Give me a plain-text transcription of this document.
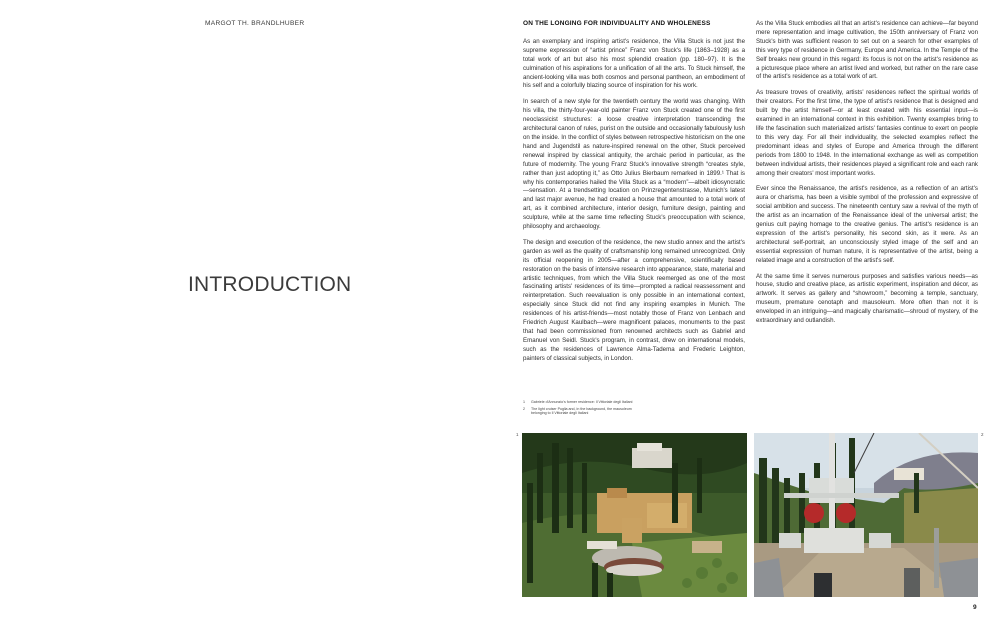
MARGOT TH. BRANDLHUBER
INTRODUCTION
ON THE LONGING FOR INDIVIDUALITY AND WHOLENESS

As an exemplary and inspiring artist's residence, the Villa Stuck is not just the supreme expression of “artist prince” Franz von Stuck's life (1863–1928) as a total work of art but also his most splendid creation (pp. 180–97). It is the culmination of his aspirations for a unification of all the arts. To Stuck himself, the ancient-looking villa was both cosmos and personal pantheon, an embodiment of his self and a colorfully blazing source of inspiration for his work.

In search of a new style for the twentieth century the world was changing. With his villa, the thirty-four-year-old painter Franz von Stuck created one of the first neoclassicist structures: a loose creative interpretation transcending the architectural canon of rules, purist on the outside and occasionally fabulously lush on the inside. In the conflict of styles between retrospective historicism on the one hand and Jugendstil as nature-inspired renewal on the other, Stuck perceived renewal inspired by classical antiquity, the archaic period in particular, as the future of modernity. The young Franz Stuck's innovative strength “creates style, rather than just adopting it,” as Otto Julius Bierbaum remarked in 1899.¹ That is why his contemporaries hailed the Villa Stuck as a “modern”—albeit idiosyncratic—sensation. At a trendsetting location on Prinzregentenstrasse, Munich's latest and last major avenue, he had created a house that amounted to a total work of art, as it combined architecture, interior design, furniture design, painting and sculpture, while at the same time reflecting Stuck's preoccupation with science, philosophy and archaeology.

The design and execution of the residence, the new studio annex and the artist's garden as well as the quality of craftsmanship long remained unrecognized. Only its official reopening in 2005—after a comprehensive, scientifically based restoration on the basis of intensive research into appearance, state, material and artistic techniques, from which the Villa Stuck reemerged as one of the most fascinating artists' residences of its time—prompted a radical reassessment and reinterpretation. Such reevaluation is only possible in an international context, especially since Stuck did not find any inspiring examples in Munich. The residences of his artist-friends—most notably those of Franz von Lenbach and Friedrich August Kaulbach—were magnificent palaces, monuments to the past that had been commissioned from renowned architects such as Gabriel and Emanuel von Seidl. Stuck's program, in contrast, drew on international models, such as the residences of Lawrence Alma-Tadema and Frederic Leighton, painters of classical subjects, in London.

As the Villa Stuck embodies all that an artist's residence can achieve—far beyond mere representation and image cultivation, the 150th anniversary of Franz von Stuck's birth was sufficient reason to set out on a search for other examples of this very type of residence in Germany, Europe and America. In the Temple of the Self breaks new ground in this regard: its focus is not on the artist's residence as a picturesque place where an artist lived and worked, but rather on the rare case of the artist's residence as a total work of art.

As treasure troves of creativity, artists' residences reflect the spiritual worlds of their creators. For the first time, the type of artist's residence that is designed and built by the artist himself—or at least created with his essential input—is examined in an international context in this exhibition. Twenty examples bring to life the fascination such materialized artists' fantasies continue to exert on people to this very day. For all their individuality, the selected examples reflect the predominant ideas and styles of Europe and America through the different periods from 1800 to 1948. In the international exchange as well as competition between individual artists, their residences played a significant role and each rank among their creators' most important works.

Ever since the Renaissance, the artist's residence, as a reflection of an artist's aura or charisma, has been a visible symbol of the profession and expressive of social ambition and success. The nineteenth century saw a revival of the myth of the artist as an incarnation of the Renaissance ideal of the universal artist; the genius cult paying homage to the creative genius. The artist's residence is an expression of the artist's personality, his second skin, as it were. As an architectural self-portrait, an unconsciously styled image of the self and an essential expression of human nature, it is representative of the artist, being a related image and a construction of the artist's self.

At the same time it serves numerous purposes and satisfies various needs—as house, studio and creative place, as artistic experiment, inspiration and décor, as artwork. It serves as gallery and “showroom,” becoming a temple, sanctuary, museum, premature cenotaph and mausoleum. More often than not it is enveloped in an intriguing—and magically charismatic—shroud of mystery, of the extraordinary and outlandish.

1	Gabriele d'Annunzio's former residence: Il Vittoriale degli Italiani
2	The light cruiser Puglia and, in the background, the mausoleum belonging to Il Vittoriale degli Italiani
1	2
9
